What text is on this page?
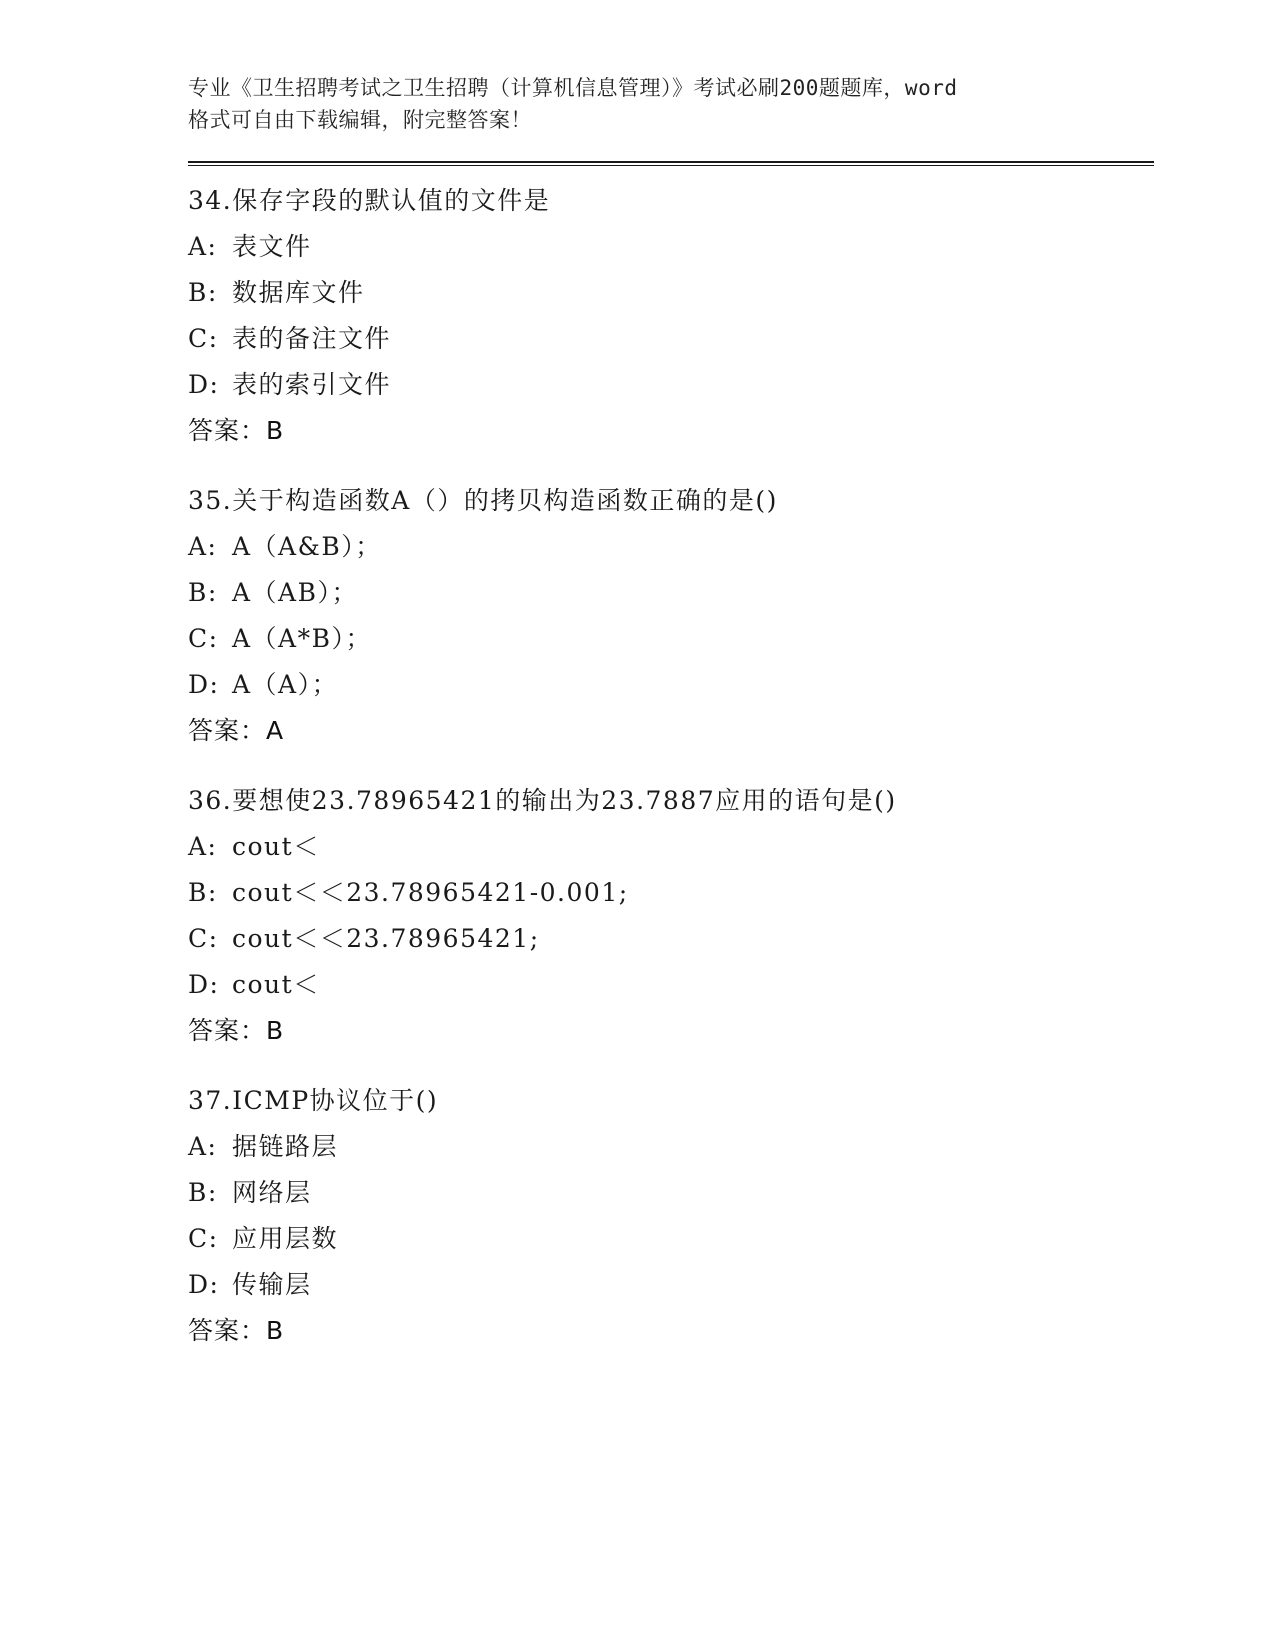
专业《卫生招聘考试之卫生招聘（计算机信息管理）》考试必刷200题题库，word
格式可自由下载编辑，附完整答案！
34.保存字段的默认值的文件是
A: 表文件
B: 数据库文件
C: 表的备注文件
D: 表的索引文件
答案：B
35.关于构造函数A（）的拷贝构造函数正确的是()
A: A（A&B）；
B: A（AB）；
C: A（A*B）；
D: A（A）；
答案：A
36.要想使23.78965421的输出为23.7887应用的语句是()
A: cout＜
B: cout＜＜23.78965421-0.001;
C: cout＜＜23.78965421;
D: cout＜
答案：B
37.ICMP协议位于()
A: 据链路层
B: 网络层
C: 应用层数
D: 传输层
答案：B
